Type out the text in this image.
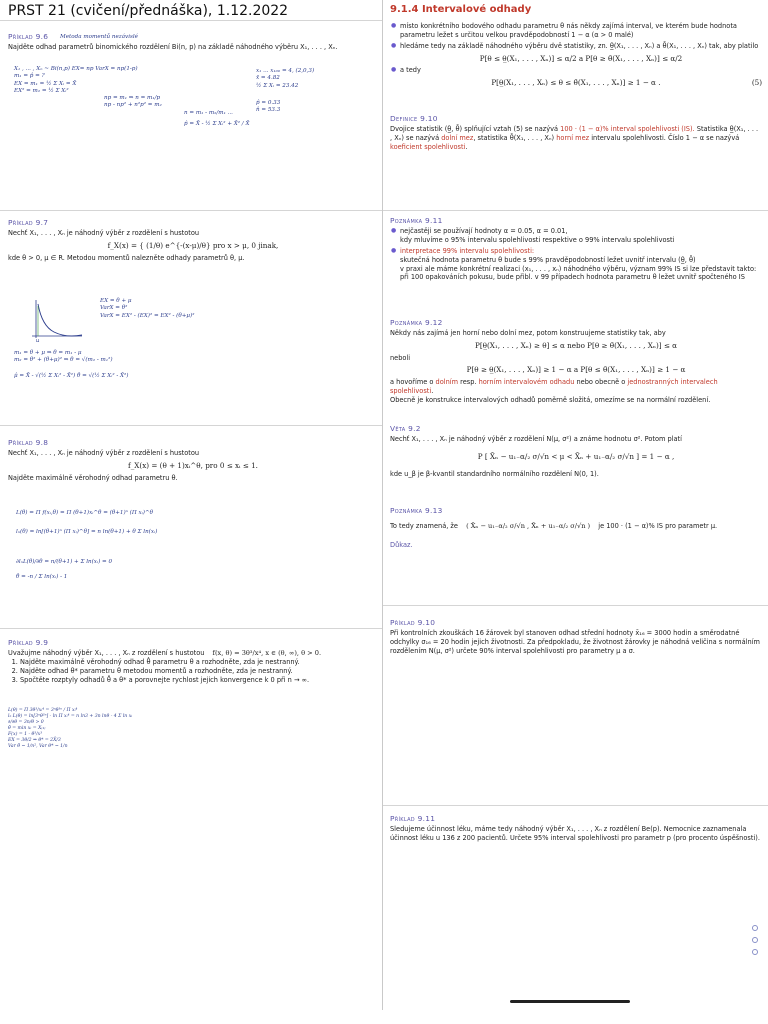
PRST 21 (cvičení/přednáška), 1.12.2022	9.1.4 Intervalové odhady
Příklad 9.6
Najděte odhad parametrů binomického rozdělení Bi(n, p) na základě náhodného výběru X₁, . . . , Xₙ.
Metoda momentů nezávislé
X₁ , ... , Xₙ ~ Bi(n,p) EX= np VarX = np(1-p)
m₁ = p̂ = ?
EX = m₁ = ½ Σ Xᵢ = X̄
EX² = m₂ = ½ Σ Xᵢ²
np = m₁ ⇒ n = m₁/p
np - np² + n²p² = m₂
n = m₁ - m₂/m₁ ...
p̂ = X̄ - ½ Σ Xᵢ² + X̄² / X̄
x₁ ... x₁₀₀ = 4, (2,0,3)
x̄ = 4.82
½ Σ Xᵢ = 23.42
p̂ = 0.33
n̂ = 53.3
Příklad 9.7
Nechť X₁, . . . , Xₙ je náhodný výběr z rozdělení s hustotou
f_X(x) = { (1/θ) e^{-(x-μ)/θ} pro x > μ, 0 jinak,
kde θ > 0, μ ∈ R. Metodou momentů nalezněte odhady parametrů θ, μ.
μ
EX = θ + μ
VarX = θ²
VarX = EX² - (EX)² = EX² - (θ+μ)²
m₁ = θ + μ ⇒ θ = m₁ - μ
m₂ = θ² + (θ+μ)² ⇒ θ = √(m₂ - m₁²)
μ̂ = X̄ - √(½ Σ Xᵢ² - X̄²) θ̂ = √(½ Σ Xᵢ² - X̄²)
Příklad 9.8
Nechť X₁, . . . , Xₙ je náhodný výběr z rozdělení s hustotou
f_X(x) = (θ + 1)xᵢ^θ, pro 0 ≤ xᵢ ≤ 1.
Najděte maximálně věrohodný odhad parametru θ.
L(θ) = Π f(xᵢ,θ) = Π (θ+1)xᵢ^θ = (θ+1)ⁿ (Π xᵢ)^θ
lₙ(θ) = ln[(θ+1)ⁿ (Π xᵢ)^θ] = n ln(θ+1) + θ Σ ln(xᵢ)
∂lₙL(θ)/∂θ = n/(θ+1) + Σ ln(xᵢ) = 0
θ̂ = -n / Σ ln(xᵢ) - 1
Příklad 9.9
Uvažujme náhodný výběr X₁, . . . , Xₙ z rozdělení s hustotou f(x, θ) = 3θ³/x⁴, x ∈ (θ, ∞), θ > 0.
1. Najděte maximálně věrohodný odhad θ̂ parametru θ a rozhodněte, zda je nestranný.
2. Najděte odhad θ* parametru θ metodou momentů a rozhodněte, zda je nestranný.
3. Spočtěte rozptyly odhadů θ̂ a θ* a porovnejte rychlost jejich konvergence k 0 při n → ∞.
L(θ) = Π 3θ³/xᵢ⁴ = 3ⁿθ³ⁿ / Π xᵢ⁴
lₙ L(θ) = ln[3ⁿθ³ⁿ] - ln Π xᵢ⁴ = n ln3 + 3n lnθ - 4 Σ ln xᵢ
∂/∂θ = 3n/θ > 0
θ̂ = min xᵢ = X₍₁₎
F(x) = 1 - θ³/x³
EX = 3θ/2 ⇒ θ* = 2X̄/3
Var θ̂ ~ 1/n², Var θ* ~ 1/n
● místo konkrétního bodového odhadu parametru θ nás někdy zajímá interval, ve kterém bude hodnota parametru ležet s určitou velkou pravděpodobností 1 − α (α > 0 malé)
● hledáme tedy na základě náhodného výběru dvě statistiky, zn. θ̲(X₁, . . . , Xₙ) a θ̄(X₁, . . . , Xₙ) tak, aby platilo
P[θ ≤ θ̲(X₁, . . . , Xₙ)] ≤ α/2 a P[θ ≥ θ̄(X₁, . . . , Xₙ)] ≤ α/2
● a tedy
P[θ̲(X₁, . . . , Xₙ) ≤ θ ≤ θ̄(X₁, . . . , Xₙ)] ≥ 1 − α .	(5)
Definice 9.10
Dvojice statistik (θ̲, θ̄) splňující vztah (5) se nazývá 100 · (1 − α)% interval spolehlivosti (IS). Statistika θ̲(X₁, . . . , Xₙ) se nazývá dolní mez, statistika θ̄(X₁, . . . , Xₙ) horní mez intervalu spolehlivosti. Číslo 1 − α se nazývá koeficient spolehlivosti.
Poznámka 9.11
● nejčastěji se používají hodnoty α = 0.05, α = 0.01,
kdy mluvíme o 95% intervalu spolehlivosti respektive o 99% intervalu spolehlivosti
● interpretace 99% intervalu spolehlivosti:
skutečná hodnota parametru θ bude s 99% pravděpodobností ležet uvnitř intervalu (θ̲, θ̄)
v praxi ale máme konkrétní realizaci (x₁, . . . , xₙ) náhodného výběru, význam 99% IS si lze představit takto: při 100 opakováních pokusu, bude přibl. v 99 případech hodnota parametru θ ležet uvnitř spočteného IS
Poznámka 9.12
Někdy nás zajímá jen horní nebo dolní mez, potom konstruujeme statistiky tak, aby
P[θ̲(X₁, . . . , Xₙ) ≥ θ] ≤ α nebo P[θ ≥ θ̄(X₁, . . . , Xₙ)] ≤ α
neboli
P[θ ≥ θ̲(X₁, . . . , Xₙ)] ≥ 1 − α a P[θ ≤ θ̄(X₁, . . . , Xₙ)] ≥ 1 − α
a hovoříme o dolním resp. horním intervalovém odhadu nebo obecně o jednostranných intervalech spolehlivosti.
Obecně je konstrukce intervalových odhadů poměrně složitá, omezíme se na normální rozdělení.
Věta 9.2
Nechť X₁, . . . , Xₙ je náhodný výběr z rozdělení N(μ, σ²) a známe hodnotu σ². Potom platí
P [ X̄ₙ − u₁₋α/₂ σ/√n < μ < X̄ₙ + u₁₋α/₂ σ/√n ] = 1 − α ,
kde u_β je β-kvantil standardního normálního rozdělení N(0, 1).
Poznámka 9.13
To tedy znamená, že ( X̄ₙ − u₁₋α/₂ σ/√n , X̄ₙ + u₁₋α/₂ σ/√n ) je 100 · (1 − α)% IS pro parametr μ.
Důkaz.
Příklad 9.10
Při kontrolních zkouškách 16 žárovek byl stanoven odhad střední hodnoty x̄₁₆ = 3000 hodin a směrodatné odchylky σ₁₆ = 20 hodin jejich životnosti. Za předpokladu, že životnost žárovky je náhodná veličina s normálním rozdělením N(μ, σ²) určete 90% interval spolehlivosti pro parametry μ a σ.
Příklad 9.11
Sledujeme účinnost léku, máme tedy náhodný výběr X₁, . . . , Xₙ z rozdělení Be(p). Nemocnice zaznamenala účinnost léku u 136 z 200 pacientů. Určete 95% interval spolehlivosti pro parametr p (pro procento úspěšnosti).
